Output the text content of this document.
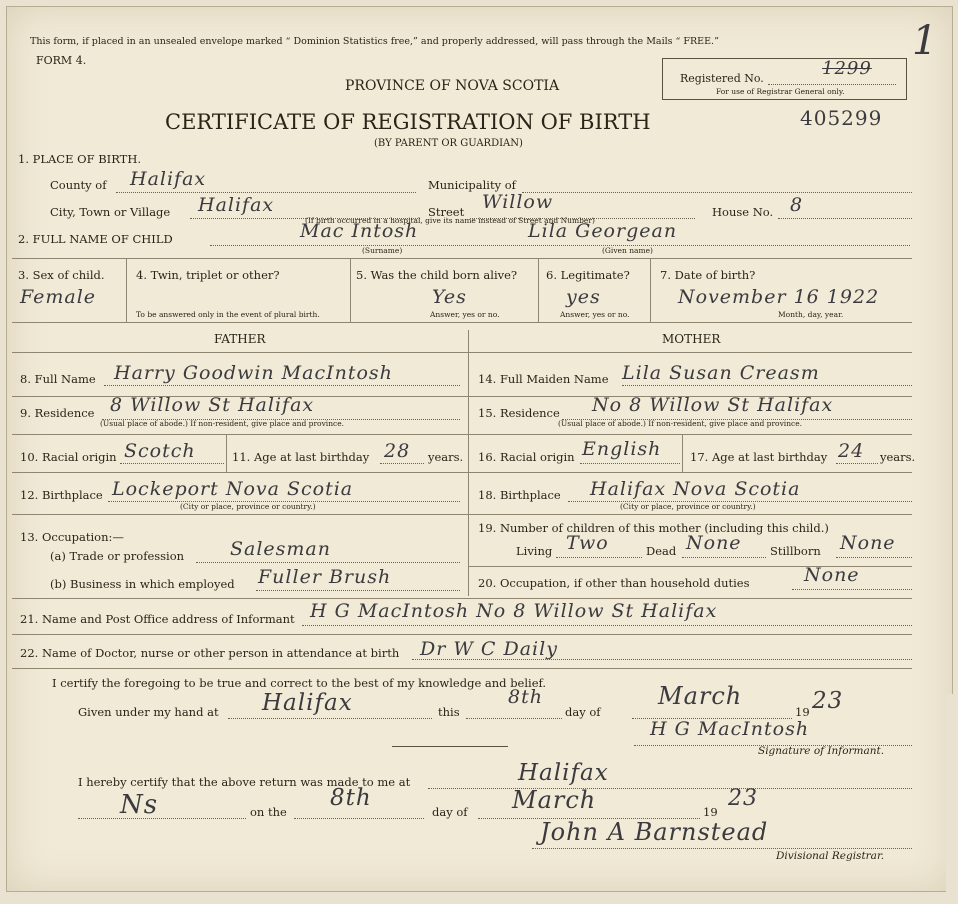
This form, if placed in an unsealed envelope marked “ Dominion Statistics free,” and properly addressed, will pass through the Mails “ FREE.”
FORM 4.
PROVINCE OF NOVA SCOTIA
CERTIFICATE OF REGISTRATION OF BIRTH
(BY PARENT OR GUARDIAN)
Registered No.	1299
For use of Registrar General only.
405299
1
1. PLACE OF BIRTH.
County of Halifax	Municipality of
City, Town or Village Halifax	Street Willow	House No. 8
(If birth occurred in a hospital, give its name instead of Street and Number)
2. FULL NAME OF CHILD	Mac Intosh	Lila Georgean
(Surname)	(Given name)
3. Sex of child.
Female
4. Twin, triplet or other?
To be answered only in the event of plural birth.
5. Was the child born alive?
Yes
Answer, yes or no.
6. Legitimate?
yes
Answer, yes or no.
7. Date of birth?
November 16 1922
Month, day, year.
FATHER	MOTHER
8. Full Name Harry Goodwin MacIntosh
9. Residence 8 Willow St Halifax
(Usual place of abode.) If non-resident, give place and province.
10. Racial origin Scotch	11. Age at last birthday 28 years.
12. Birthplace Lockeport Nova Scotia
(City or place, province or country.)
13. Occupation:—
(a) Trade or profession Salesman
(b) Business in which employed Fuller Brush
14. Full Maiden Name Lila Susan Creasm
15. Residence No 8 Willow St Halifax
(Usual place of abode.) If non-resident, give place and province.
16. Racial origin English 17. Age at last birthday 24 years.
18. Birthplace Halifax Nova Scotia
(City or place, province or country.)
19. Number of children of this mother (including this child.)
Living Two	Dead None Stillborn None
20. Occupation, if other than household duties	None
21. Name and Post Office address of Informant H G MacIntosh No 8 Willow St Halifax
22. Name of Doctor, nurse or other person in attendance at birth Dr W C Daily
I certify the foregoing to be true and correct to the best of my knowledge and belief.
Given under my hand at Halifax	this
8th
day of
March
19 23
H G MacIntosh
Signature of Informant.
I hereby certify that the above return was made to me at	Halifax
Ns	on the
8th
day of March	19
23
John A Barnstead
Divisional Registrar.
